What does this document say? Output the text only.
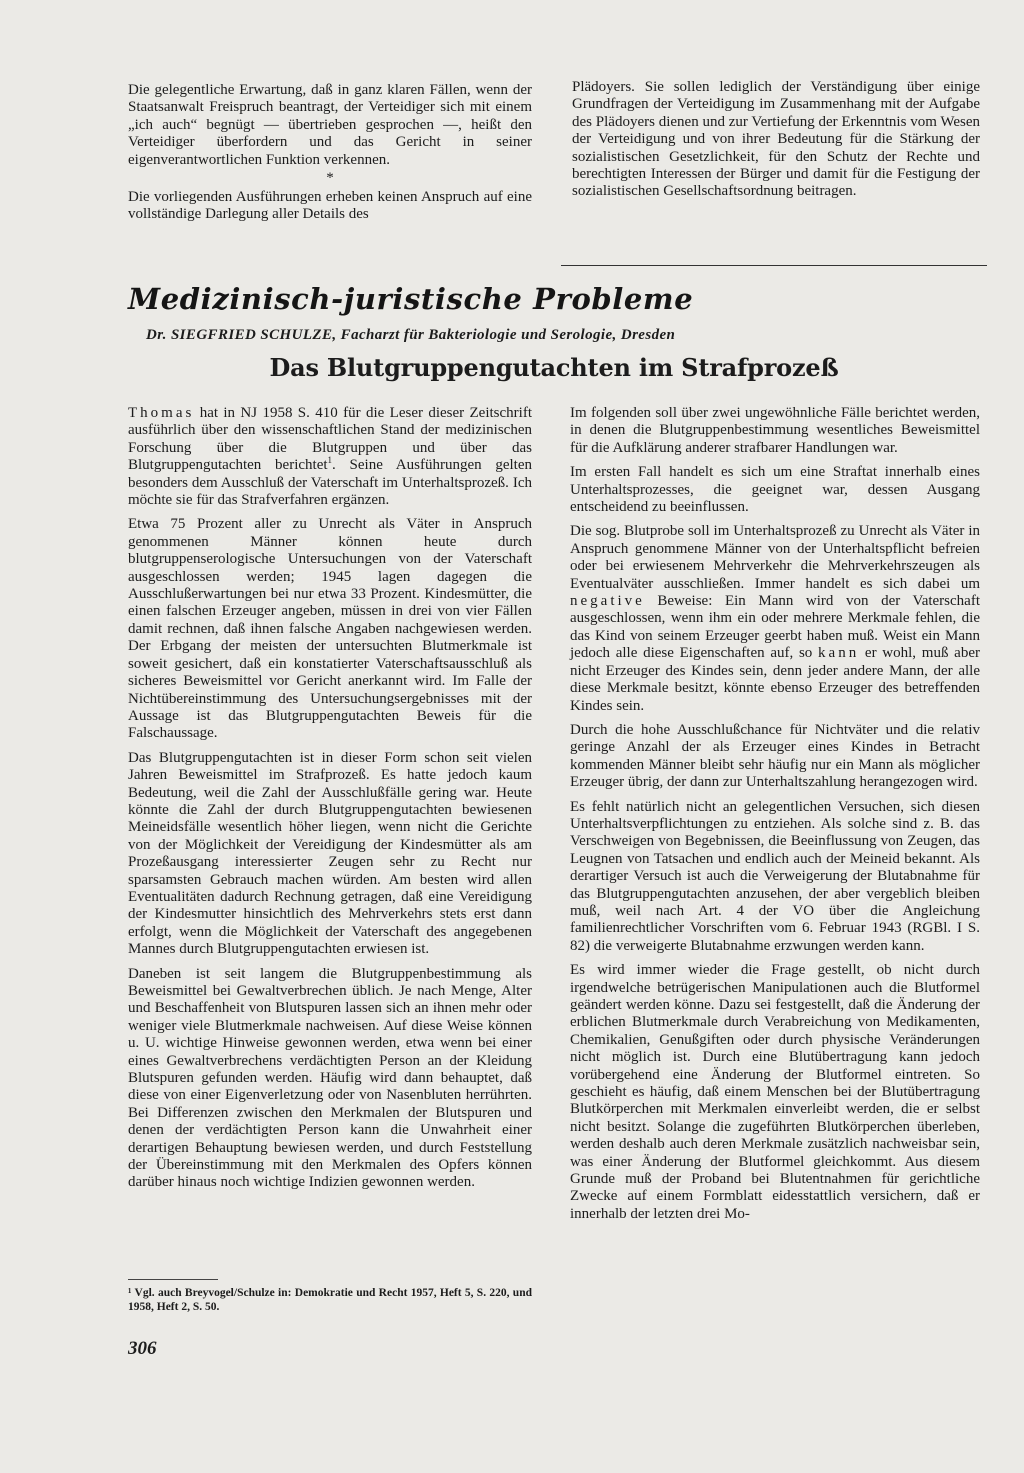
Die gelegentliche Erwartung, daß in ganz klaren Fällen, wenn der Staatsanwalt Freispruch beantragt, der Verteidiger sich mit einem „ich auch“ begnügt — übertrieben gesprochen —, heißt den Verteidiger überfordern und das Gericht in seiner eigenverantwortlichen Funktion verkennen.

*

Die vorliegenden Ausführungen erheben keinen Anspruch auf eine vollständige Darlegung aller Details des

Plädoyers. Sie sollen lediglich der Verständigung über einige Grundfragen der Verteidigung im Zusammenhang mit der Aufgabe des Plädoyers dienen und zur Vertiefung der Erkenntnis vom Wesen der Verteidigung und von ihrer Bedeutung für die Stärkung der sozialistischen Gesetzlichkeit, für den Schutz der Rechte und berechtigten Interessen der Bürger und damit für die Festigung der sozialistischen Gesellschaftsordnung beitragen.

Medizinisch-juristische Probleme
Dr. SIEGFRIED SCHULZE, Facharzt für Bakteriologie und Serologie, Dresden
Das Blutgruppengutachten im Strafprozeß

Thomas hat in NJ 1958 S. 410 für die Leser dieser Zeitschrift ausführlich über den wissenschaftlichen Stand der medizinischen Forschung über die Blutgruppen und über das Blutgruppengutachten berichtet$^1$. Seine Ausführungen gelten besonders dem Ausschluß der Vaterschaft im Unterhaltsprozeß. Ich möchte sie für das Strafverfahren ergänzen.

Etwa 75 Prozent aller zu Unrecht als Väter in Anspruch genommenen Männer können heute durch blutgruppenserologische Untersuchungen von der Vaterschaft ausgeschlossen werden; 1945 lagen dagegen die Ausschlußerwartungen bei nur etwa 33 Prozent. Kindesmütter, die einen falschen Erzeuger angeben, müssen in drei von vier Fällen damit rechnen, daß ihnen falsche Angaben nachgewiesen werden. Der Erbgang der meisten der untersuchten Blutmerkmale ist soweit gesichert, daß ein konstatierter Vaterschaftsausschluß als sicheres Beweismittel vor Gericht anerkannt wird. Im Falle der Nichtübereinstimmung des Untersuchungsergebnisses mit der Aussage ist das Blutgruppengutachten Beweis für die Falschaussage.

Das Blutgruppengutachten ist in dieser Form schon seit vielen Jahren Beweismittel im Strafprozeß. Es hatte jedoch kaum Bedeutung, weil die Zahl der Ausschlußfälle gering war. Heute könnte die Zahl der durch Blutgruppengutachten bewiesenen Meineidsfälle wesentlich höher liegen, wenn nicht die Gerichte von der Möglichkeit der Vereidigung der Kindesmütter als am Prozeßausgang interessierter Zeugen sehr zu Recht nur sparsamsten Gebrauch machen würden. Am besten wird allen Eventualitäten dadurch Rechnung getragen, daß eine Vereidigung der Kindesmutter hinsichtlich des Mehrverkehrs stets erst dann erfolgt, wenn die Möglichkeit der Vaterschaft des angegebenen Mannes durch Blutgruppengutachten erwiesen ist.

Daneben ist seit langem die Blutgruppenbestimmung als Beweismittel bei Gewaltverbrechen üblich. Je nach Menge, Alter und Beschaffenheit von Blutspuren lassen sich an ihnen mehr oder weniger viele Blutmerkmale nachweisen. Auf diese Weise können u. U. wichtige Hinweise gewonnen werden, etwa wenn bei einer eines Gewaltverbrechens verdächtigten Person an der Kleidung Blutspuren gefunden werden. Häufig wird dann behauptet, daß diese von einer Eigenverletzung oder von Nasenbluten herrührten. Bei Differenzen zwischen den Merkmalen der Blutspuren und denen der verdächtigten Person kann die Unwahrheit einer derartigen Behauptung bewiesen werden, und durch Feststellung der Übereinstimmung mit den Merkmalen des Opfers können darüber hinaus noch wichtige Indizien gewonnen werden.

Im folgenden soll über zwei ungewöhnliche Fälle berichtet werden, in denen die Blutgruppenbestimmung wesentliches Beweismittel für die Aufklärung anderer strafbarer Handlungen war.

Im ersten Fall handelt es sich um eine Straftat innerhalb eines Unterhaltsprozesses, die geeignet war, dessen Ausgang entscheidend zu beeinflussen.

Die sog. Blutprobe soll im Unterhaltsprozeß zu Unrecht als Väter in Anspruch genommene Männer von der Unterhaltspflicht befreien oder bei erwiesenem Mehrverkehr die Mehrverkehrszeugen als Eventualväter ausschließen. Immer handelt es sich dabei um negative Beweise: Ein Mann wird von der Vaterschaft ausgeschlossen, wenn ihm ein oder mehrere Merkmale fehlen, die das Kind von seinem Erzeuger geerbt haben muß. Weist ein Mann jedoch alle diese Eigenschaften auf, so kann er wohl, muß aber nicht Erzeuger des Kindes sein, denn jeder andere Mann, der alle diese Merkmale besitzt, könnte ebenso Erzeuger des betreffenden Kindes sein.

Durch die hohe Ausschlußchance für Nichtväter und die relativ geringe Anzahl der als Erzeuger eines Kindes in Betracht kommenden Männer bleibt sehr häufig nur ein Mann als möglicher Erzeuger übrig, der dann zur Unterhaltszahlung herangezogen wird.

Es fehlt natürlich nicht an gelegentlichen Versuchen, sich diesen Unterhaltsverpflichtungen zu entziehen. Als solche sind z. B. das Verschweigen von Begebnissen, die Beeinflussung von Zeugen, das Leugnen von Tatsachen und endlich auch der Meineid bekannt. Als derartiger Versuch ist auch die Verweigerung der Blutabnahme für das Blutgruppengutachten anzusehen, der aber vergeblich bleiben muß, weil nach Art. 4 der VO über die Angleichung familienrechtlicher Vorschriften vom 6. Februar 1943 (RGBl. I S. 82) die verweigerte Blutabnahme erzwungen werden kann.

Es wird immer wieder die Frage gestellt, ob nicht durch irgendwelche betrügerischen Manipulationen auch die Blutformel geändert werden könne. Dazu sei festgestellt, daß die Änderung der erblichen Blutmerkmale durch Verabreichung von Medikamenten, Chemikalien, Genußgiften oder durch physische Veränderungen nicht möglich ist. Durch eine Blutübertragung kann jedoch vorübergehend eine Änderung der Blutformel eintreten. So geschieht es häufig, daß einem Menschen bei der Blutübertragung Blutkörperchen mit Merkmalen einverleibt werden, die er selbst nicht besitzt. Solange die zugeführten Blutkörperchen überleben, werden deshalb auch deren Merkmale zusätzlich nachweisbar sein, was einer Änderung der Blutformel gleichkommt. Aus diesem Grunde muß der Proband bei Blutentnahmen für gerichtliche Zwecke auf einem Formblatt eidesstattlich versichern, daß er innerhalb der letzten drei Mo-

¹ Vgl. auch Breyvogel/Schulze in: Demokratie und Recht 1957, Heft 5, S. 220, und 1958, Heft 2, S. 50.
306
